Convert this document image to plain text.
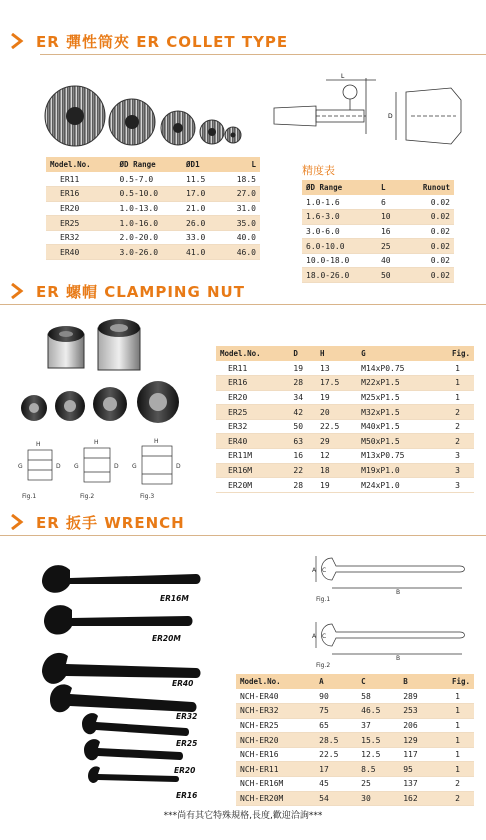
ER 彈性筒夾 ER COLLET TYPE
L
D
Model.No.	ØD Range	ØD1	L
ER11	0.5-7.0	11.5	18.5
ER16	0.5-10.0	17.0	27.0
ER20	1.0-13.0	21.0	31.0
ER25	1.0-16.0	26.0	35.0
ER32	2.0-20.0	33.0	40.0
ER40	3.0-26.0	41.0	46.0
精度表
ØD Range	L	Runout
1.0-1.6	6	0.02
1.6-3.0	10	0.02
3.0-6.0	16	0.02
6.0-10.0	25	0.02
10.0-18.0	40	0.02
18.0-26.0	50	0.02
ER 螺帽 CLAMPING NUT
H
G	D
H
G	D
H
G	D
Fig.1	Fig.2	Fig.3
Model.No.	D	H	G	Fig.
ER11	19	13	M14xP0.75	1
ER16	28	17.5	M22xP1.5	1
ER20	34	19	M25xP1.5	1
ER25	42	20	M32xP1.5	2
ER32	50	22.5	M40xP1.5	2
ER40	63	29	M50xP1.5	2
ER11M	16	12	M13xP0.75	3
ER16M	22	18	M19xP1.0	3
ER20M	28	19	M24xP1.0	3
ER 扳手 WRENCH
ER16M
ER20M
ER40
ER32
ER25
ER20
ER16
A C
B
A C
B
Fig.1
Fig.2
Model.No.	A	C	B	Fig.
NCH-ER40	90	58	289	1
NCH-ER32	75	46.5	253	1
NCH-ER25	65	37	206	1
NCH-ER20	28.5	15.5	129	1
NCH-ER16	22.5	12.5	117	1
NCH-ER11	17	8.5	95	1
NCH-ER16M	45	25	137	2
NCH-ER20M	54	30	162	2
***尚有其它特殊規格,長度,歡迎洽詢***
